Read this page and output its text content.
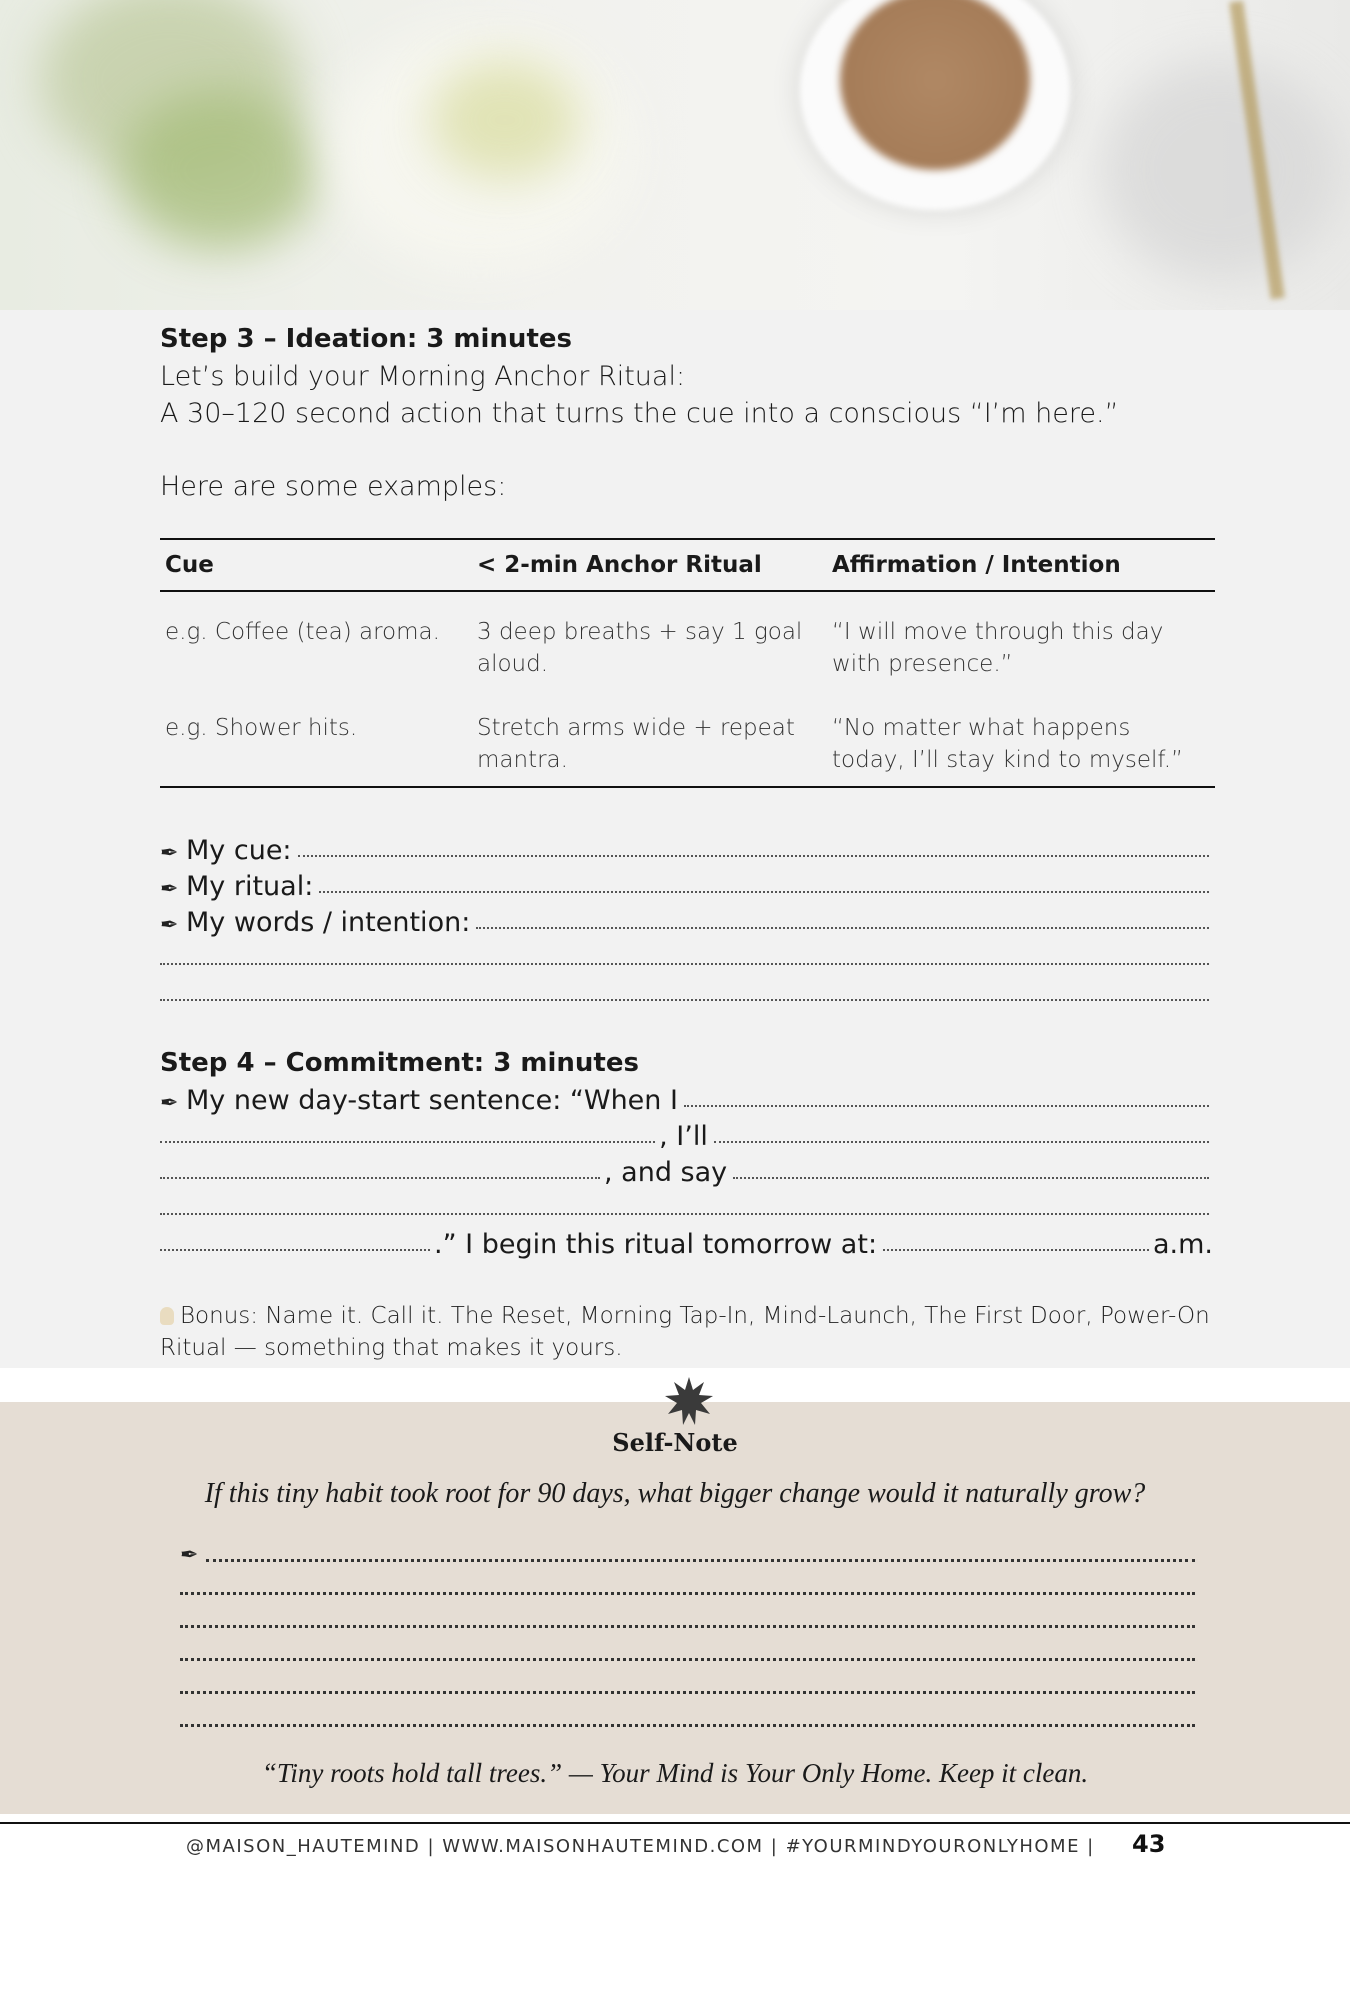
Step 3 – Ideation: 3 minutes
Let’s build your Morning Anchor Ritual:
A 30–120 second action that turns the cue into a conscious “I’m here.”
Here are some examples:
Cue	< 2-min Anchor Ritual	Affirmation / Intention
e.g. Coffee (tea) aroma.	3 deep breaths + say 1 goal aloud.	“I will move through this day with presence.”
e.g. Shower hits.	Stretch arms wide + repeat mantra.	“No matter what happens today, I’ll stay kind to myself.”
✒ My cue:
✒ My ritual:
✒ My words / intention:
Step 4 – Commitment: 3 minutes
✒ My new day-start sentence: “When I
, I’ll
, and say
.” I begin this ritual tomorrow at:	a.m.
Bonus: Name it. Call it. The Reset, Morning Tap-In, Mind-Launch, The First Door, Power-On Ritual — something that makes it yours.
Self-Note
If this tiny habit took root for 90 days, what bigger change would it naturally grow?
✒
“Tiny roots hold tall trees.” — Your Mind is Your Only Home. Keep it clean.
@MAISON_HAUTEMIND | WWW.MAISONHAUTEMIND.COM | #YOURMINDYOURONLYHOME | 43
